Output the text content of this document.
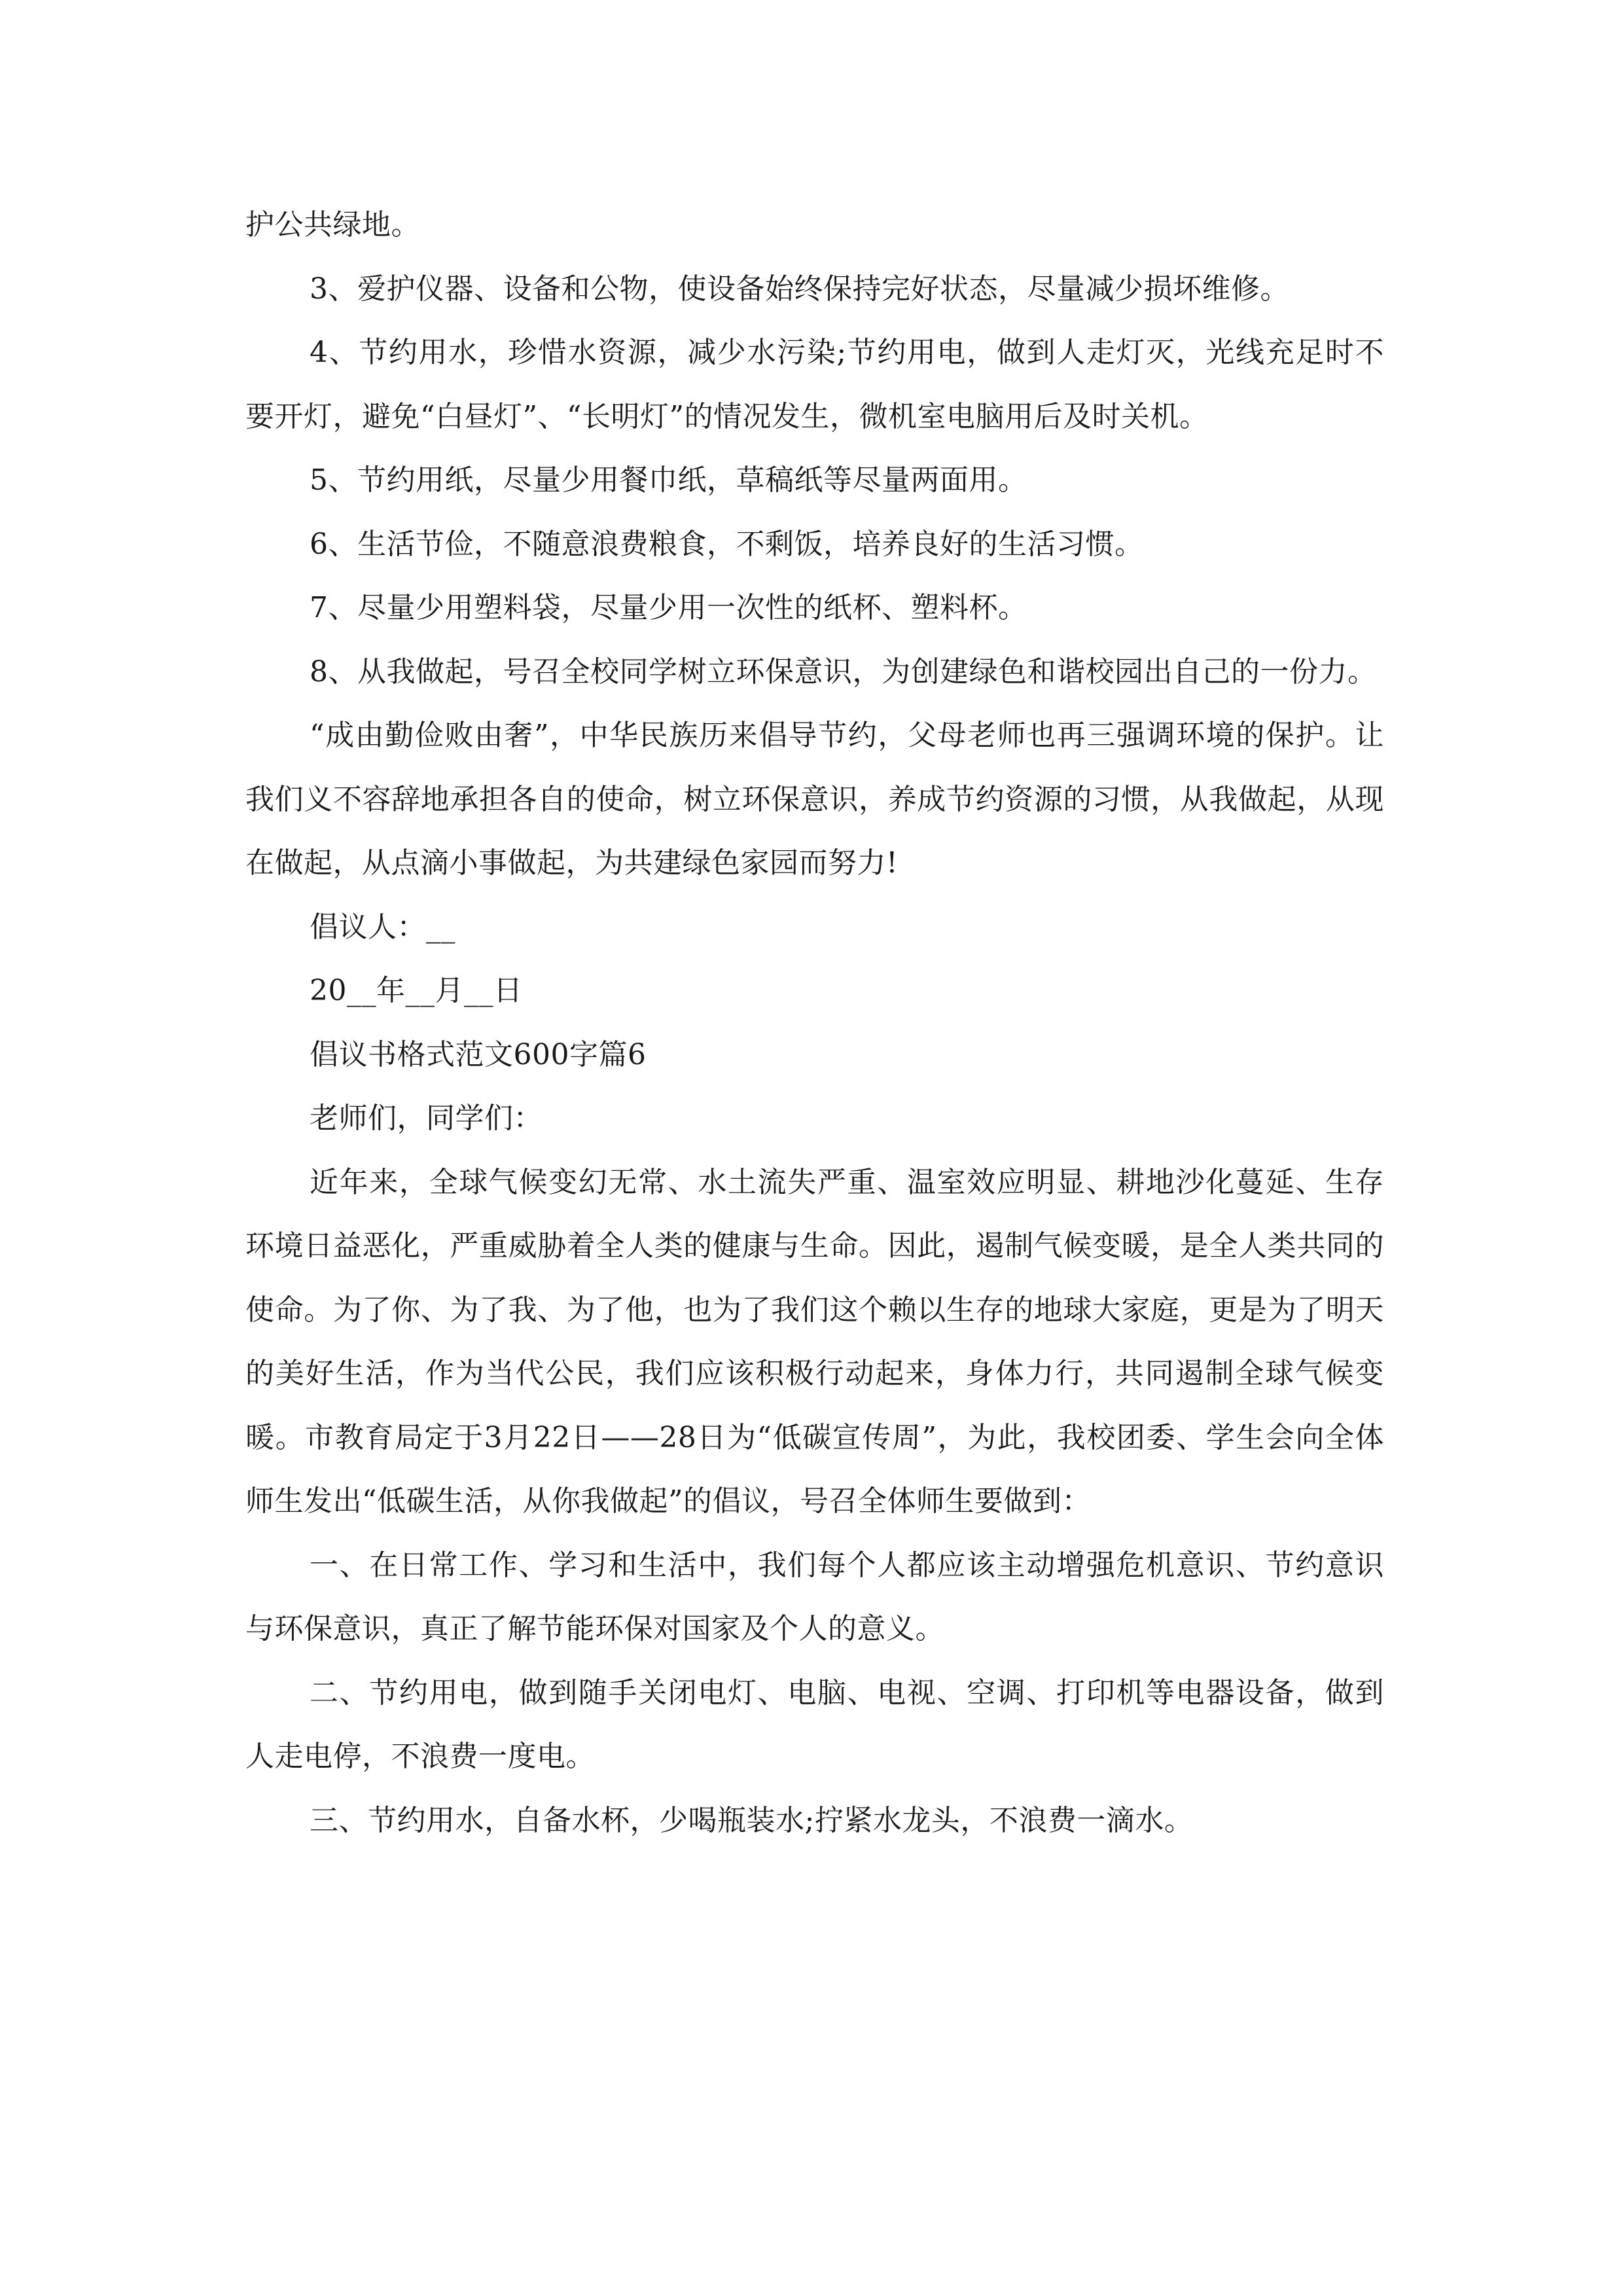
护公共绿地。

3、爱护仪器、设备和公物，使设备始终保持完好状态，尽量减少损坏维修。

4、节约用水，珍惜水资源，减少水污染;节约用电，做到人走灯灭，光线充足时不要开灯，避免“白昼灯”、“长明灯”的情况发生，微机室电脑用后及时关机。

5、节约用纸，尽量少用餐巾纸，草稿纸等尽量两面用。

6、生活节俭，不随意浪费粮食，不剩饭，培养良好的生活习惯。

7、尽量少用塑料袋，尽量少用一次性的纸杯、塑料杯。

8、从我做起，号召全校同学树立环保意识，为创建绿色和谐校园出自己的一份力。

“成由勤俭败由奢”，中华民族历来倡导节约，父母老师也再三强调环境的保护。让我们义不容辞地承担各自的使命，树立环保意识，养成节约资源的习惯，从我做起，从现在做起，从点滴小事做起，为共建绿色家园而努力!

倡议人：__

20__年__月__日

倡议书格式范文600字篇6

老师们，同学们：

近年来，全球气候变幻无常、水土流失严重、温室效应明显、耕地沙化蔓延、生存环境日益恶化，严重威胁着全人类的健康与生命。因此，遏制气候变暖，是全人类共同的使命。为了你、为了我、为了他，也为了我们这个赖以生存的地球大家庭，更是为了明天的美好生活，作为当代公民，我们应该积极行动起来，身体力行，共同遏制全球气候变暖。市教育局定于3月22日——28日为“低碳宣传周”，为此，我校团委、学生会向全体师生发出“低碳生活，从你我做起”的倡议，号召全体师生要做到：

一、在日常工作、学习和生活中，我们每个人都应该主动增强危机意识、节约意识与环保意识，真正了解节能环保对国家及个人的意义。

二、节约用电，做到随手关闭电灯、电脑、电视、空调、打印机等电器设备，做到人走电停，不浪费一度电。

三、节约用水，自备水杯，少喝瓶装水;拧紧水龙头，不浪费一滴水。
